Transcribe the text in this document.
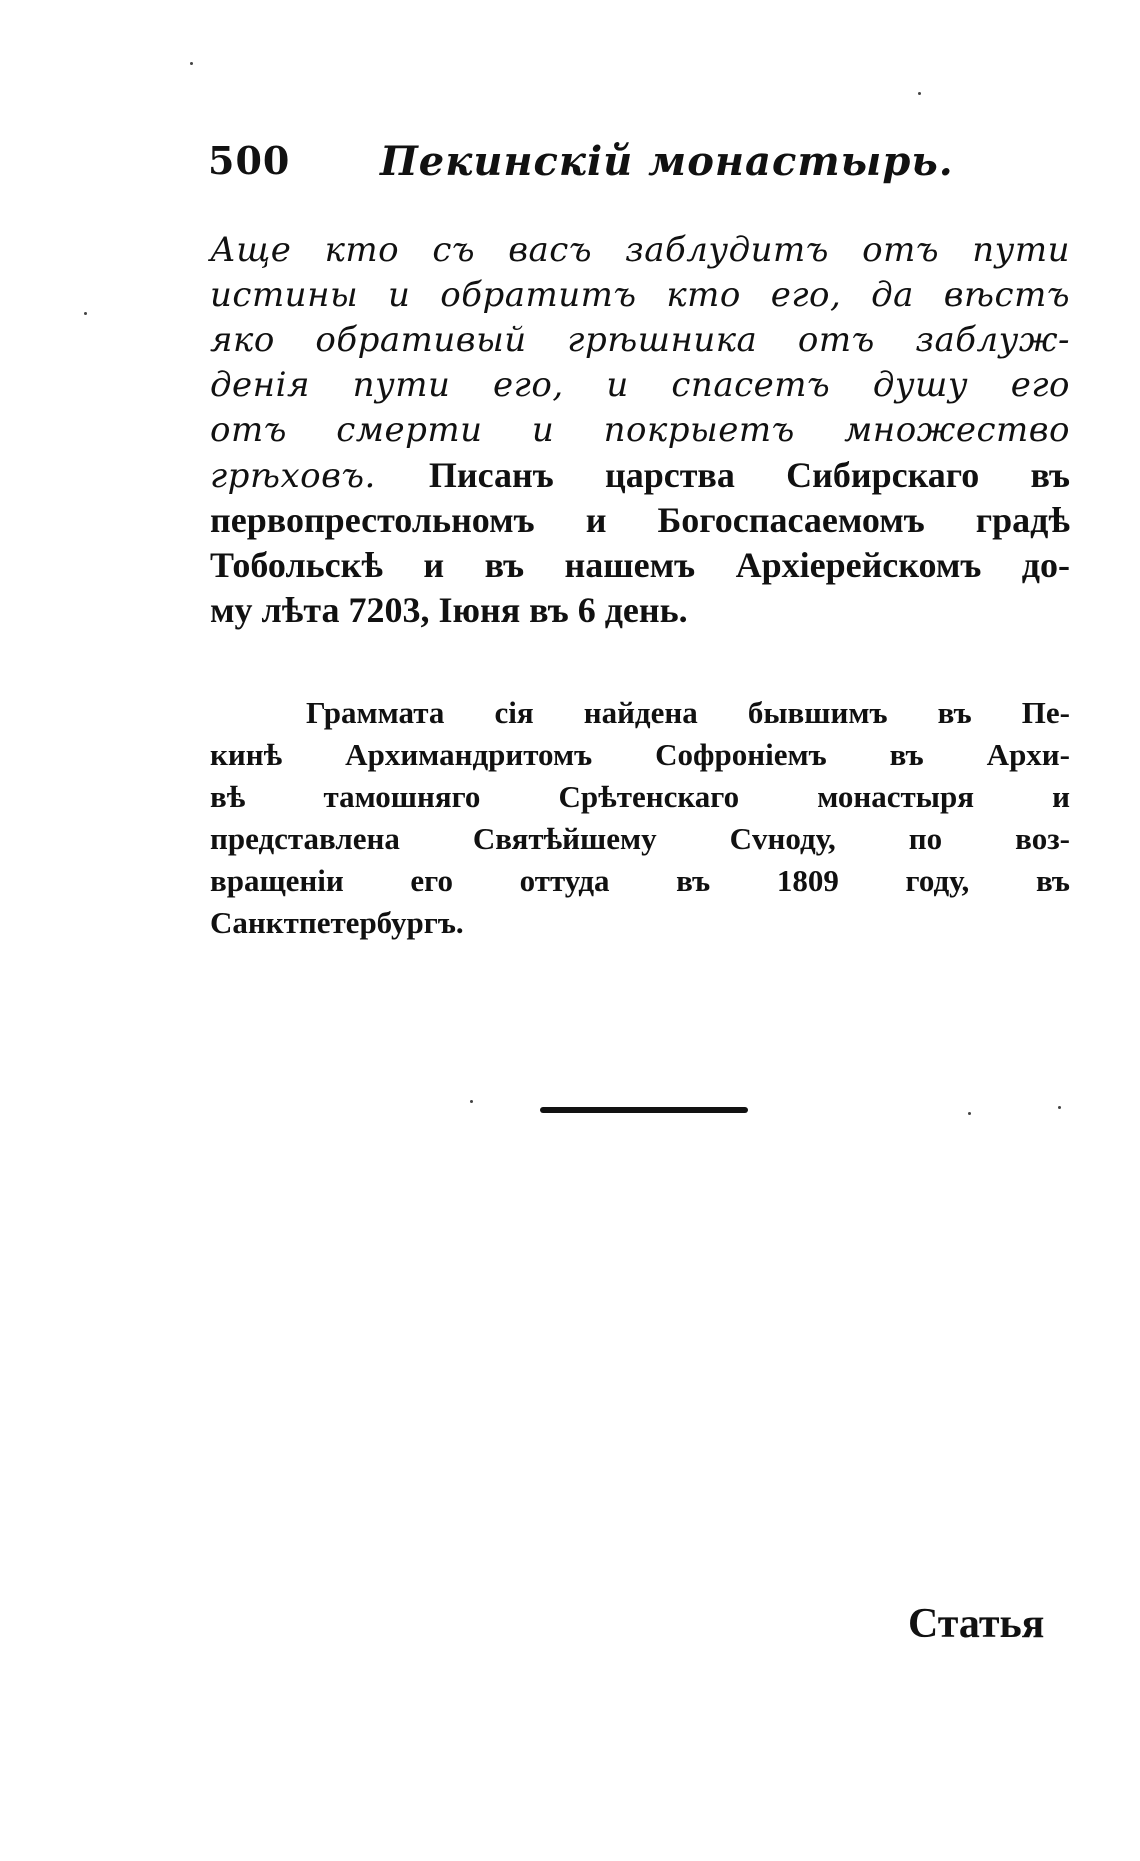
500 Пекинскій монастырь.
Аще кто съ васъ заблудитъ отъ пути
истины и обратитъ кто его, да вѣстъ
яко обративый грѣшника отъ заблуж-
денія пути его, и спасетъ душу его
отъ смерти и покрыетъ множество
грѣховъ. Писанъ царства Сибирскаго въ
первопрестольномъ и Богоспасаемомъ градѣ
Тобольскѣ и въ нашемъ Архіерейскомъ до-
му лѣта 7203, Іюня въ 6 день.
Граммата сія найдена бывшимъ въ Пе-
кинѣ Архимандритомъ Софроніемъ въ Архи-
вѣ тамошняго Срѣтенскаго монастыря и
представлена Святѣйшему Сvноду, по воз-
вращеніи его оттуда въ 1809 году, въ
Санктпетербургъ.
Статья
